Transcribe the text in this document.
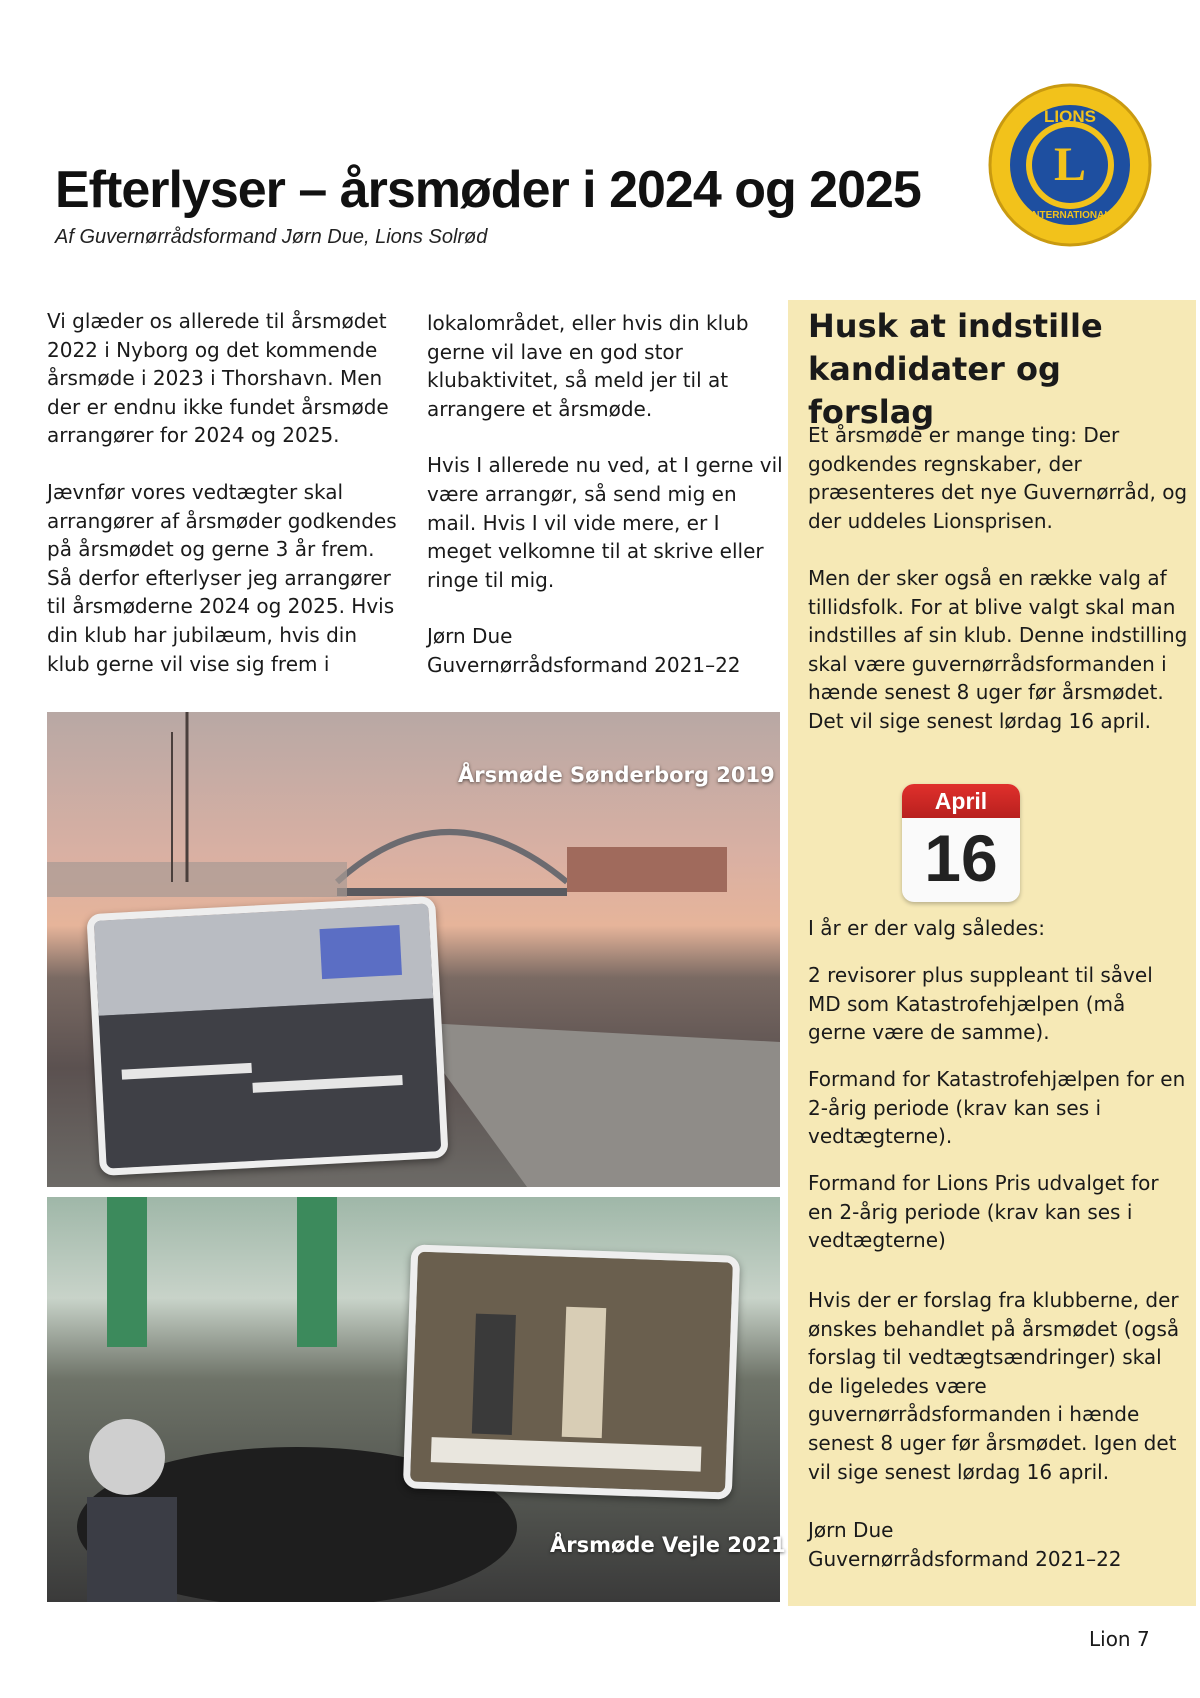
Efterlyser – årsmøder i 2024 og 2025
Af Guvernørrådsformand Jørn Due, Lions Solrød
L
LIONS
INTERNATIONAL

Vi glæder os allerede til årsmødet 2022 i Nyborg og det kommende årsmøde i 2023 i Thorshavn. Men der er endnu ikke fundet årsmøde arrangører for 2024 og 2025.

Jævnfør vores vedtægter skal arrangører af årsmøder godkendes på årsmødet og gerne 3 år frem. Så derfor efterlyser jeg arrangører til årsmøderne 2024 og 2025. Hvis din klub har jubilæum, hvis din klub gerne vil vise sig frem i

lokalområdet, eller hvis din klub gerne vil lave en god stor klubaktivitet, så meld jer til at arrangere et årsmøde.

Hvis I allerede nu ved, at I gerne vil være arrangør, så send mig en mail. Hvis I vil vide mere, er I meget velkomne til at skrive eller ringe til mig.

Jørn Due
Guvernørrådsformand 2021–22
Årsmøde Sønderborg 2019
Årsmøde Vejle 2021
Husk at indstille kandidater og forslag
Et årsmøde er mange ting: Der godkendes regnskaber, der præsenteres det nye Guvernørråd, og der uddeles Lionsprisen.
Men der sker også en række valg af tillidsfolk. For at blive valgt skal man indstilles af sin klub. Denne indstilling skal være guvernørrådsformanden i hænde senest 8 uger før årsmødet. Det vil sige senest lørdag 16 april.
April
16
I år er der valg således:
2 revisorer plus suppleant til såvel MD som Katastrofehjælpen (må gerne være de samme).
Formand for Katastrofehjælpen for en 2-årig periode (krav kan ses i vedtægterne).
Formand for Lions Pris udvalget for en 2-årig periode (krav kan ses i vedtægterne)
Hvis der er forslag fra klubberne, der ønskes behandlet på årsmødet (også forslag til vedtægtsændringer) skal de ligeledes være guvernørrådsformanden i hænde senest 8 uger før årsmødet. Igen det vil sige senest lørdag 16 april.
Jørn Due
Guvernørrådsformand 2021–22
Lion 7
